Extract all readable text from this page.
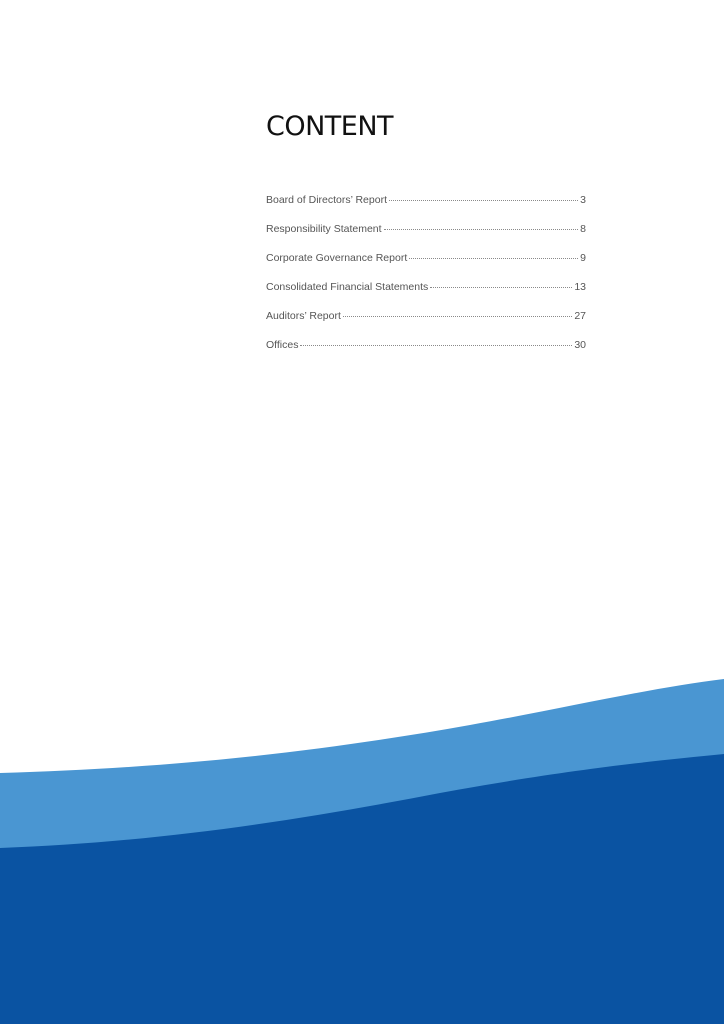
CONTENT
Board of Directors’ Report	3
Responsibility Statement	8
Corporate Governance Report	9
Consolidated Financial Statements	13
Auditors’ Report	27
Offices	30
